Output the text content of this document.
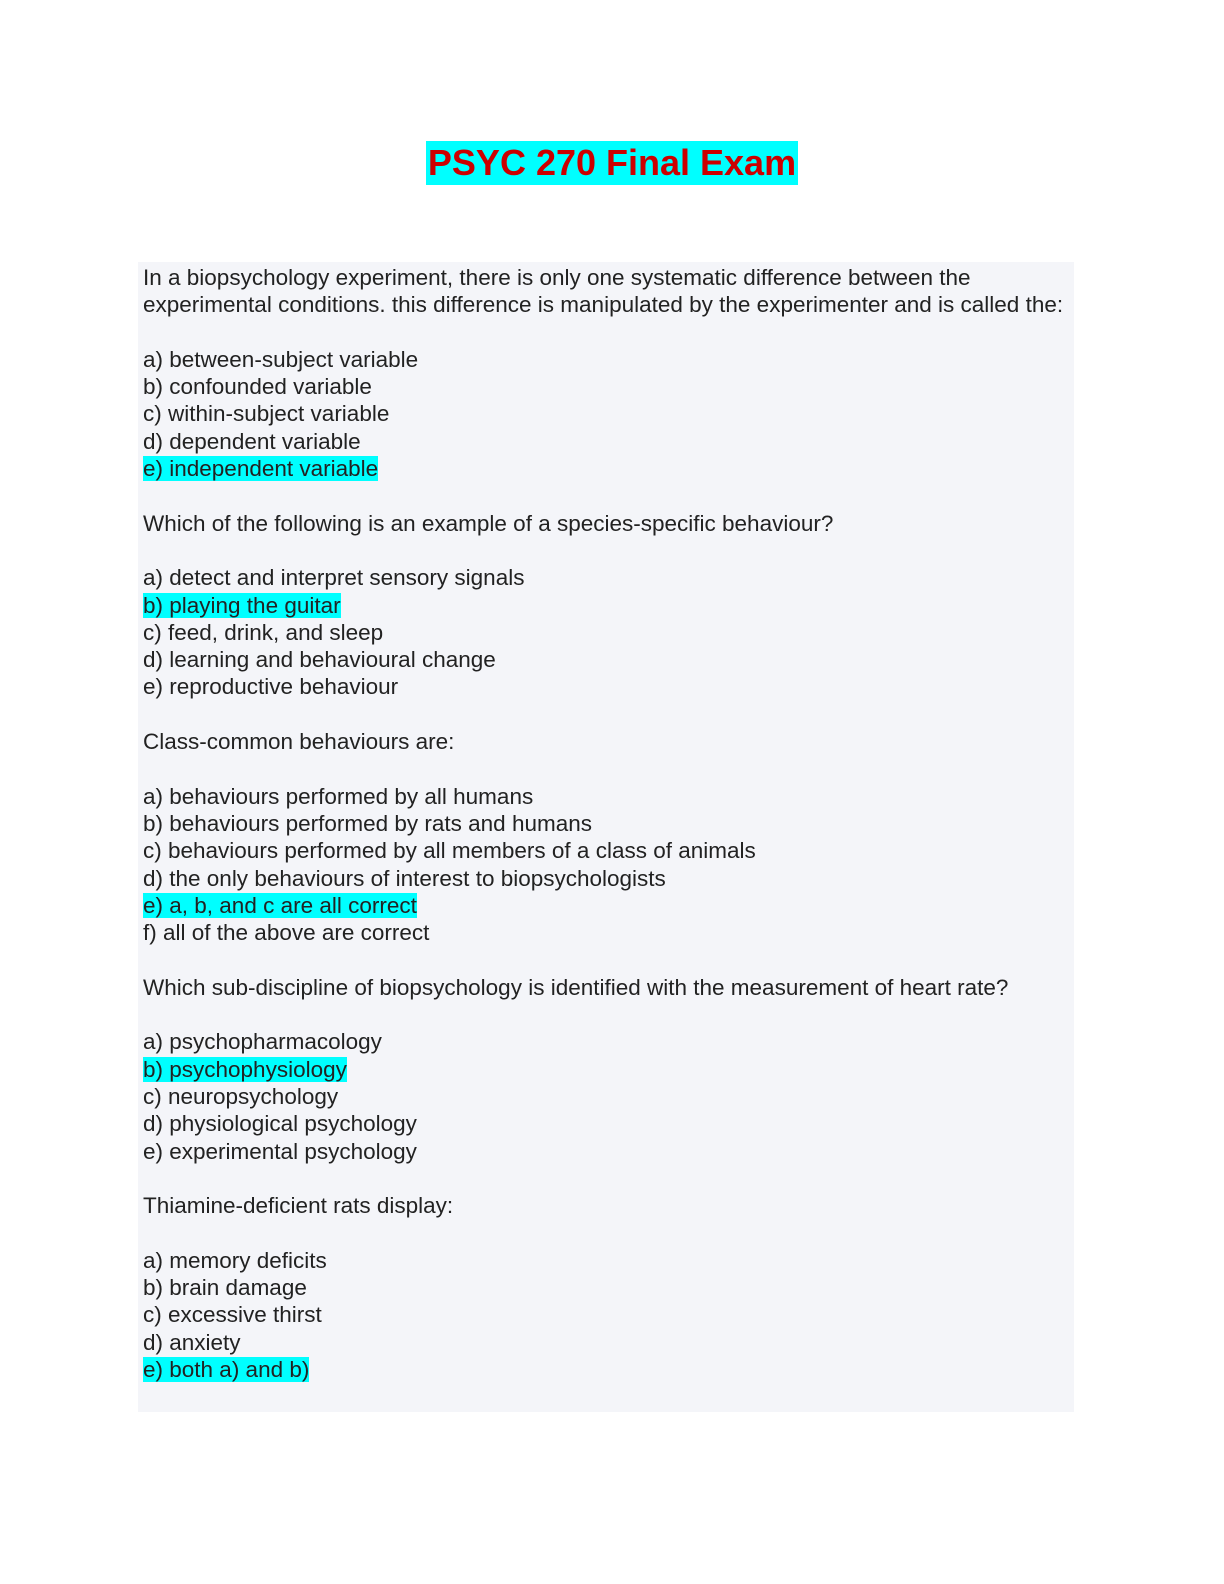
PSYC 270 Final Exam

In a biopsychology experiment, there is only one systematic difference between the experimental conditions. this difference is manipulated by the experimenter and is called the:

a) between-subject variable
b) confounded variable
c) within-subject variable
d) dependent variable
e) independent variable

Which of the following is an example of a species-specific behaviour?

a) detect and interpret sensory signals
b) playing the guitar
c) feed, drink, and sleep
d) learning and behavioural change
e) reproductive behaviour

Class-common behaviours are:

a) behaviours performed by all humans
b) behaviours performed by rats and humans
c) behaviours performed by all members of a class of animals
d) the only behaviours of interest to biopsychologists
e) a, b, and c are all correct
f) all of the above are correct

Which sub-discipline of biopsychology is identified with the measurement of heart rate?

a) psychopharmacology
b) psychophysiology
c) neuropsychology
d) physiological psychology
e) experimental psychology

Thiamine-deficient rats display:

a) memory deficits
b) brain damage
c) excessive thirst
d) anxiety
e) both a) and b)
